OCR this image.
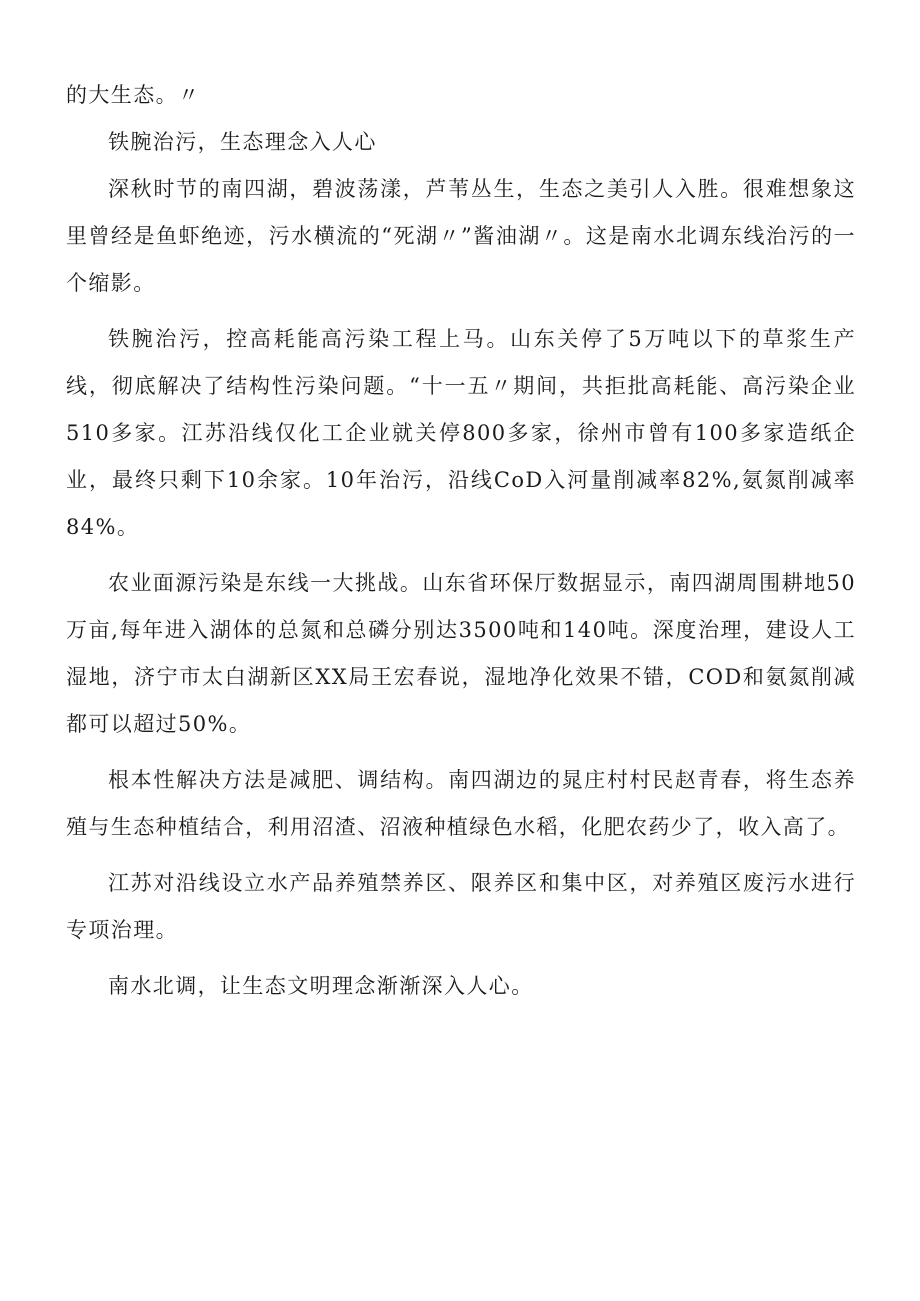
的大生态。〃

铁腕治污，生态理念入人心

深秋时节的南四湖，碧波荡漾，芦苇丛生，生态之美引人入胜。很难想象这里曾经是鱼虾绝迹，污水横流的“死湖〃”酱油湖〃。这是南水北调东线治污的一个缩影。

铁腕治污，控高耗能高污染工程上马。山东关停了5万吨以下的草浆生产线，彻底解决了结构性污染问题。“十一五〃期间，共拒批高耗能、高污染企业510多家。江苏沿线仅化工企业就关停800多家，徐州市曾有100多家造纸企业，最终只剩下10余家。10年治污，沿线CoD入河量削减率82%,氨氮削减率84%。

农业面源污染是东线一大挑战。山东省环保厅数据显示，南四湖周围耕地50万亩,每年进入湖体的总氮和总磷分别达3500吨和140吨。深度治理，建设人工湿地，济宁市太白湖新区XX局王宏春说，湿地净化效果不错，COD和氨氮削减都可以超过50%。

根本性解决方法是减肥、调结构。南四湖边的晁庄村村民赵青春，将生态养殖与生态种植结合，利用沼渣、沼液种植绿色水稻，化肥农药少了，收入高了。

江苏对沿线设立水产品养殖禁养区、限养区和集中区，对养殖区废污水进行专项治理。

南水北调，让生态文明理念渐渐深入人心。
